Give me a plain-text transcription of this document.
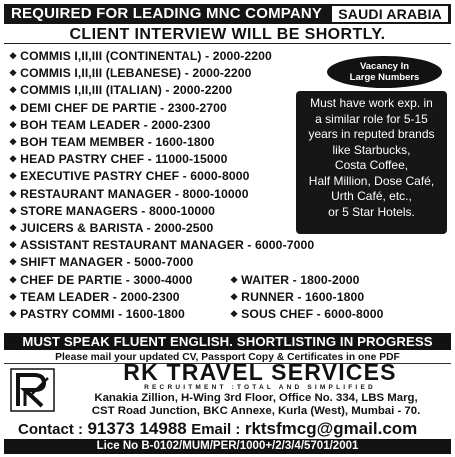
REQUIRED FOR LEADING MNC COMPANY	SAUDI ARABIA
CLIENT INTERVIEW WILL BE SHORTLY.
❖ COMMIS I,II,III (CONTINENTAL) - 2000-2200
❖ COMMIS I,II,III (LEBANESE) - 2000-2200
❖ COMMIS I,II,III (ITALIAN) - 2000-2200
❖ DEMI CHEF DE PARTIE - 2300-2700
❖ BOH TEAM LEADER - 2000-2300
❖ BOH TEAM MEMBER - 1600-1800
❖ HEAD PASTRY CHEF - 11000-15000
❖ EXECUTIVE PASTRY CHEF - 6000-8000
❖ RESTAURANT MANAGER - 8000-10000
❖ STORE MANAGERS - 8000-10000
❖ JUICERS & BARISTA - 2000-2500
❖ ASSISTANT RESTAURANT MANAGER - 6000-7000
❖ SHIFT MANAGER - 5000-7000
❖ CHEF DE PARTIE - 3000-4000
❖ TEAM LEADER - 2000-2300
❖ PASTRY COMMI - 1600-1800
❖ WAITER - 1800-2000
❖ RUNNER - 1600-1800
❖ SOUS CHEF - 6000-8000
Vacancy In
Large Numbers
Must have work exp. in
a similar role for 5-15
years in reputed brands
like Starbucks,
Costa Coffee,
Half Million, Dose Café,
Urth Café, etc.,
or 5 Star Hotels.
MUST SPEAK FLUENT ENGLISH. SHORTLISTING IN PROGRESS
Please mail your updated CV, Passport Copy & Certificates in one PDF
RK TRAVEL SERVICES
RECRUITMENT :TOTAL AND SIMPLIFIED
Kanakia Zillion, H-Wing 3rd Floor, Office No. 334, LBS Marg,
CST Road Junction, BKC Annexe, Kurla (West), Mumbai - 70.
Contact : 91373 14988 Email : rktsfmcg@gmail.com
Lice No B-0102/MUM/PER/1000+/2/3/4/5701/2001
